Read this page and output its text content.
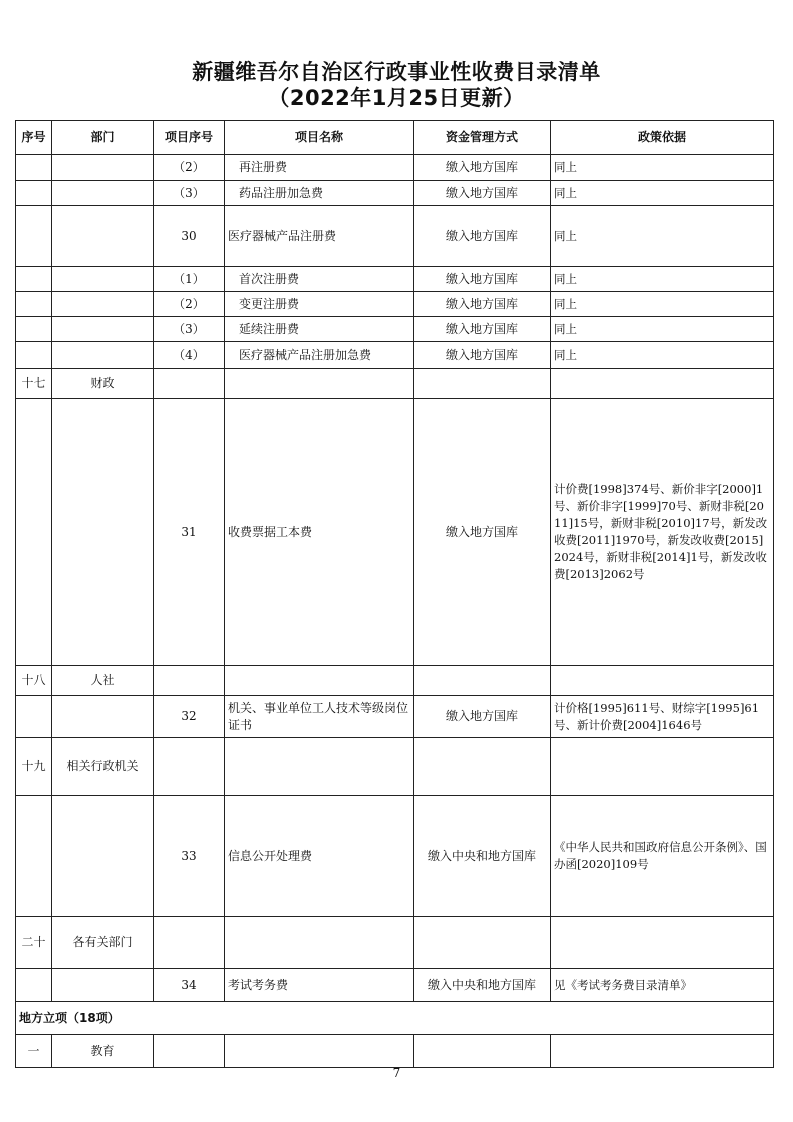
新疆维吾尔自治区行政事业性收费目录清单
（2022年1月25日更新）
序号	部门	项目序号	项目名称	资金管理方式	政策依据
		（2）	再注册费	缴入地方国库	同上
		（3）	药品注册加急费	缴入地方国库	同上
		30	医疗器械产品注册费	缴入地方国库	同上
		（1）	首次注册费	缴入地方国库	同上
		（2）	变更注册费	缴入地方国库	同上
		（3）	延续注册费	缴入地方国库	同上
		（4）	医疗器械产品注册加急费	缴入地方国库	同上
十七	财政				
		31	收费票据工本费	缴入地方国库	计价费[1998]374号、新价非字[2000]1号、新价非字[1999]70号、新财非税[2011]15号，新财非税[2010]17号，新发改收费[2011]1970号，新发改收费[2015]2024号，新财非税[2014]1号，新发改收费[2013]2062号
十八	人社				
		32	机关、事业单位工人技术等级岗位证书	缴入地方国库	计价格[1995]611号、财综字[1995]61号、新计价费[2004]1646号
十九	相关行政机关				
		33	信息公开处理费	缴入中央和地方国库	《中华人民共和国政府信息公开条例》、国办函[2020]109号
二十	各有关部门				
		34	考试考务费	缴入中央和地方国库	见《考试考务费目录清单》
地方立项（18项）					
一	教育				
7
